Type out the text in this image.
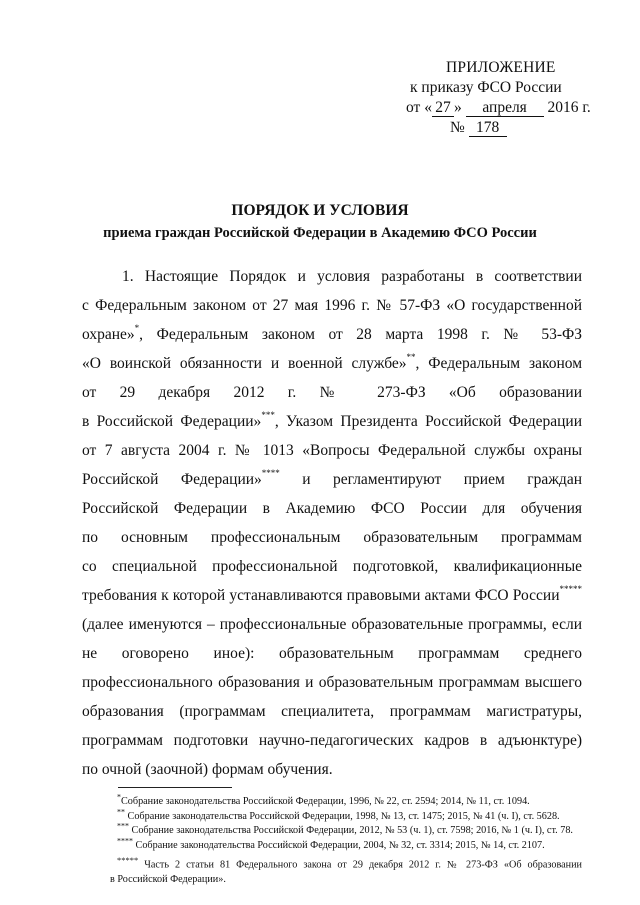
ПРИЛОЖЕНИЕ
к приказу ФСО России
от « 27 » апреля 2016 г.
№ 178
ПОРЯДОК И УСЛОВИЯ
приема граждан Российской Федерации в Академию ФСО России
1. Настоящие Порядок и условия разработаны в соответствии
с Федеральным законом от 27 мая 1996 г. № 57-ФЗ «О государственной
охране»*, Федеральным законом от 28 марта 1998 г. № 53-ФЗ
«О воинской обязанности и военной службе»**, Федеральным законом
от 29 декабря 2012 г. № 273-ФЗ «Об образовании
в Российской Федерации»***, Указом Президента Российской Федерации
от 7 августа 2004 г. № 1013 «Вопросы Федеральной службы охраны
Российской Федерации»**** и регламентируют прием граждан
Российской Федерации в Академию ФСО России для обучения
по основным профессиональным образовательным программам
со специальной профессиональной подготовкой, квалификационные
требования к которой устанавливаются правовыми актами ФСО России*****
(далее именуются – профессиональные образовательные программы, если
не оговорено иное): образовательным программам среднего
профессионального образования и образовательным программам высшего
образования (программам специалитета, программам магистратуры,
программам подготовки научно-педагогических кадров в адъюнктуре)
по очной (заочной) формам обучения.
*Собрание законодательства Российской Федерации, 1996, № 22, ст. 2594; 2014, № 11, ст. 1094.
** Собрание законодательства Российской Федерации, 1998, № 13, ст. 1475; 2015, № 41 (ч. I), ст. 5628.
*** Собрание законодательства Российской Федерации, 2012, № 53 (ч. 1), ст. 7598; 2016, № 1 (ч. I), ст. 78.
**** Собрание законодательства Российской Федерации, 2004, № 32, ст. 3314; 2015, № 14, ст. 2107.
***** Часть 2 статьи 81 Федерального закона от 29 декабря 2012 г. № 273-ФЗ «Об образовании
в Российской Федерации».
